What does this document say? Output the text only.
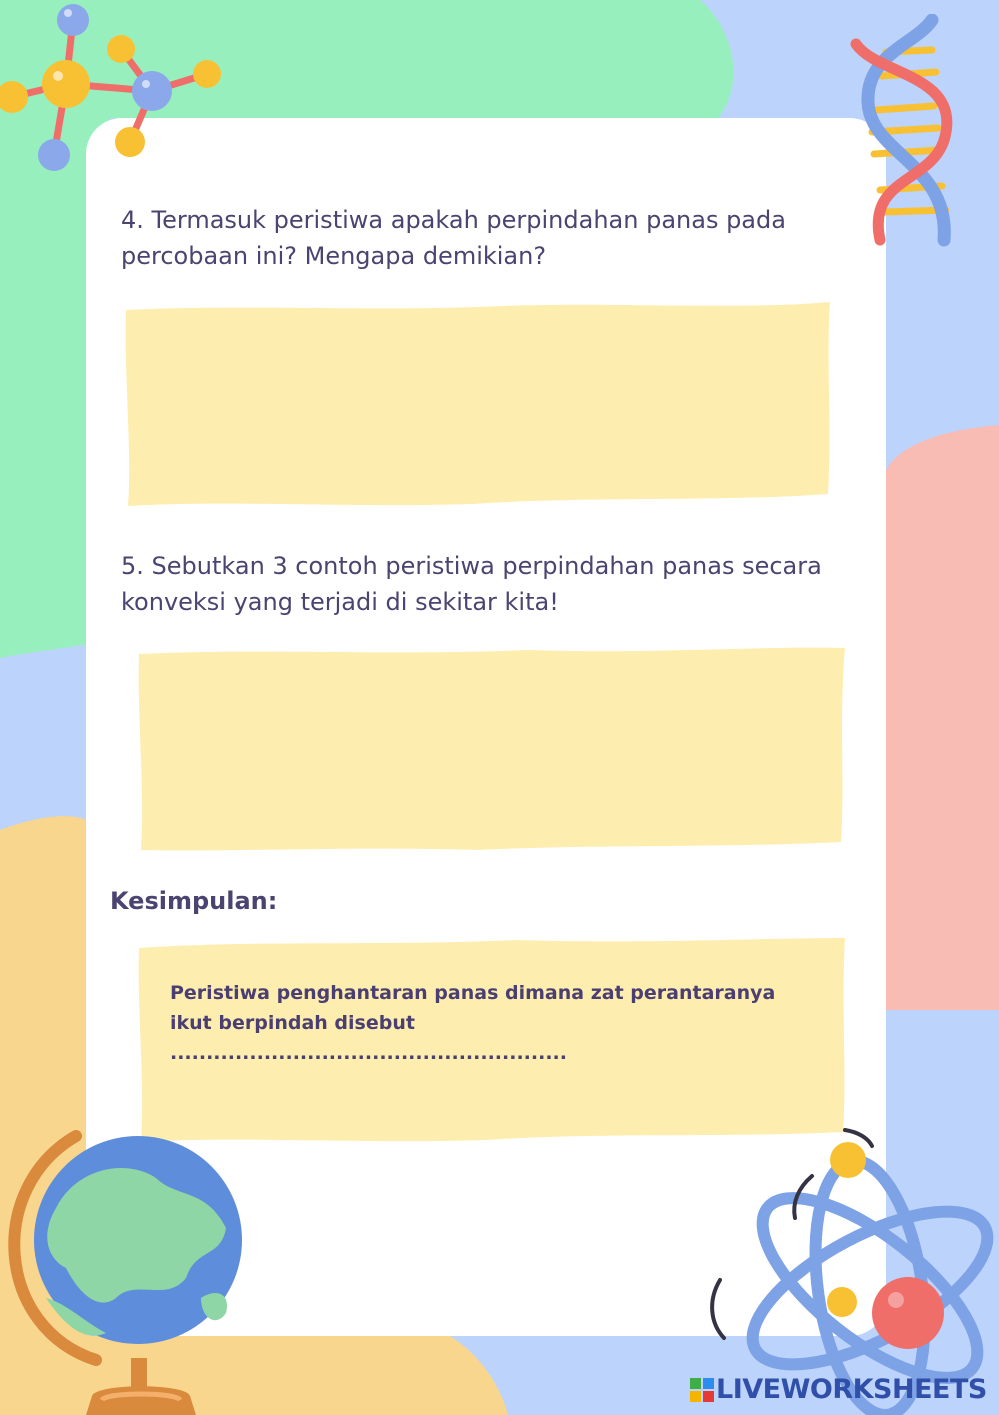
4. Termasuk peristiwa apakah perpindahan panas pada percobaan ini? Mengapa demikian?

5. Sebutkan 3 contoh peristiwa perpindahan panas secara konveksi yang terjadi di sekitar kita!

Kesimpulan:

Peristiwa penghantaran panas dimana zat perantaranya
ikut berpindah disebut .......................................................

LIVEWORKSHEETS
